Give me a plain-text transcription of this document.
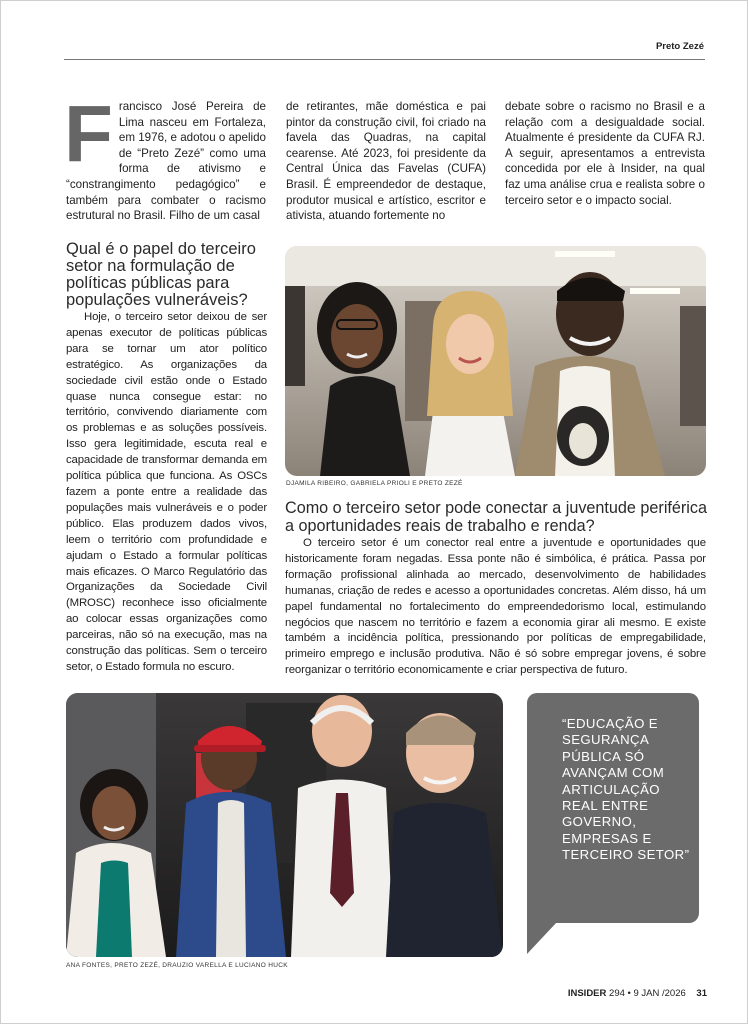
Preto Zezé
F rancisco José Pereira de Lima nasceu em Fortaleza, em 1976, e adotou o apelido de “Preto Zezé” como uma forma de ativismo e “constrangimento pedagógico” e também para combater o racismo estrutural no Brasil. Filho de um casal
de retirantes, mãe doméstica e pai pintor da construção civil, foi criado na favela das Quadras, na capital cearense. Até 2023, foi presidente da Central Única das Favelas (CUFA) Brasil. É empreendedor de destaque, produtor musical e artístico, escritor e ativista, atuando fortemente no
debate sobre o racismo no Brasil e a relação com a desigualdade social. Atualmente é presidente da CUFA RJ. A seguir, apresentamos a entrevista concedida por ele à Insider, na qual faz uma análise crua e realista sobre o terceiro setor e o impacto social.
Qual é o papel do terceiro setor na formulação de políticas públicas para populações vulneráveis?

Hoje, o terceiro setor deixou de ser apenas executor de políticas públicas para se tornar um ator político estratégico. As organizações da sociedade civil estão onde o Estado quase nunca consegue estar: no território, convivendo diariamente com os problemas e as soluções possíveis. Isso gera legitimidade, escuta real e capacidade de transformar demanda em política pública que funciona. As OSCs fazem a ponte entre a realidade das populações mais vulneráveis e o poder público. Elas produzem dados vivos, leem o território com profundidade e ajudam o Estado a formular políticas mais eficazes. O Marco Regulatório das Organizações da Sociedade Civil (MROSC) reconhece isso oficialmente ao colocar essas organizações como parceiras, não só na execução, mas na construção das políticas. Sem o terceiro setor, o Estado formula no escuro.

DJAMILA RIBEIRO, GABRIELA PRIOLI E PRETO ZEZÉ
Como o terceiro setor pode conectar a juventude periférica a oportunidades reais de trabalho e renda?

O terceiro setor é um conector real entre a juventude e oportunidades que historicamente foram negadas. Essa ponte não é simbólica, é prática. Passa por formação profissional alinhada ao mercado, desenvolvimento de habilidades humanas, criação de redes e acesso a oportunidades concretas. Além disso, há um papel fundamental no fortalecimento do empreendedorismo local, estimulando negócios que nascem no território e fazem a economia girar ali mesmo. E existe também a incidência política, pressionando por políticas de empregabilidade, primeiro emprego e inclusão produtiva. Não é só sobre empregar jovens, é sobre reorganizar o território economicamente e criar perspectiva de futuro.

ANA FONTES, PRETO ZEZÉ, DRAUZIO VARELLA E LUCIANO HUCK
“EDUCAÇÃO E SEGURANÇA PÚBLICA SÓ AVANÇAM COM ARTICULAÇÃO REAL ENTRE GOVERNO, EMPRESAS E TERCEIRO SETOR”
INSIDER 294 • 9 JAN /2026 31
